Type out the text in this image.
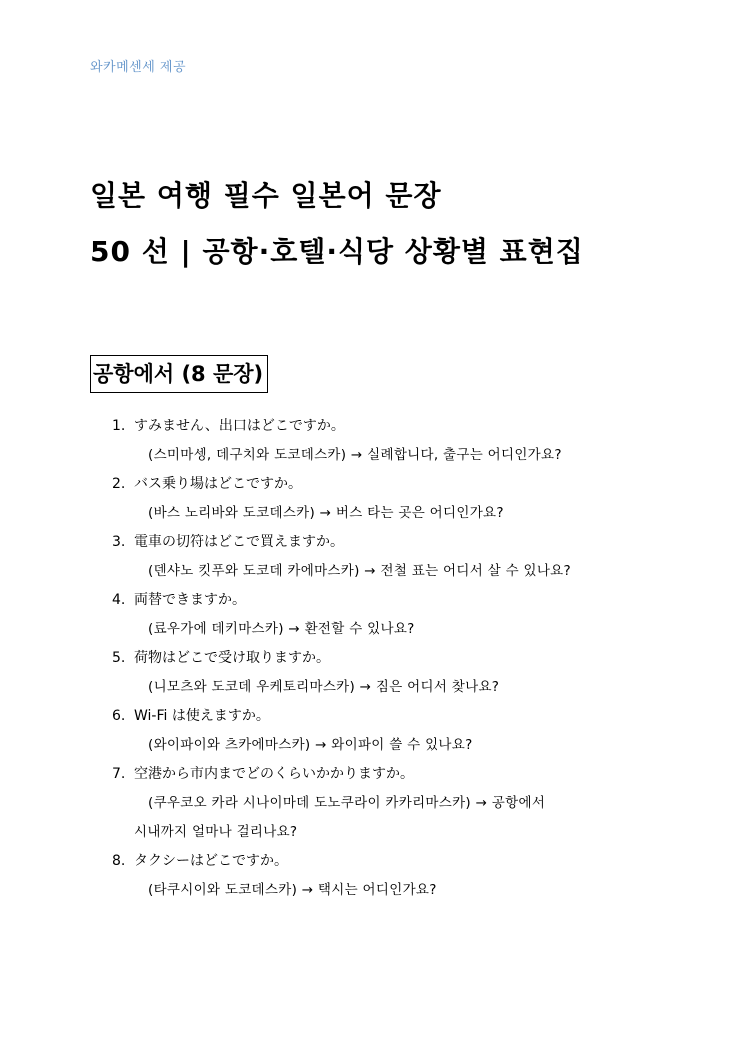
와카메센세 제공
일본 여행 필수 일본어 문장
50 선 | 공항·호텔·식당 상황별 표현집
공항에서 (8 문장)
1. すみません、出口はどこですか。
(스미마셍, 데구치와 도코데스카) → 실례합니다, 출구는 어디인가요?
2. バス乗り場はどこですか。
(바스 노리바와 도코데스카) → 버스 타는 곳은 어디인가요?
3. 電車の切符はどこで買えますか。
(덴샤노 킷푸와 도코데 카에마스카) → 전철 표는 어디서 살 수 있나요?
4. 両替できますか。
(료우가에 데키마스카) → 환전할 수 있나요?
5. 荷物はどこで受け取りますか。
(니모츠와 도코데 우케토리마스카) → 짐은 어디서 찾나요?
6. Wi-Fi は使えますか。
(와이파이와 츠카에마스카) → 와이파이 쓸 수 있나요?
7. 空港から市内までどのくらいかかりますか。
(쿠우코오 카라 시나이마데 도노쿠라이 카카리마스카) → 공항에서
시내까지 얼마나 걸리나요?
8. タクシーはどこですか。
(타쿠시이와 도코데스카) → 택시는 어디인가요?
